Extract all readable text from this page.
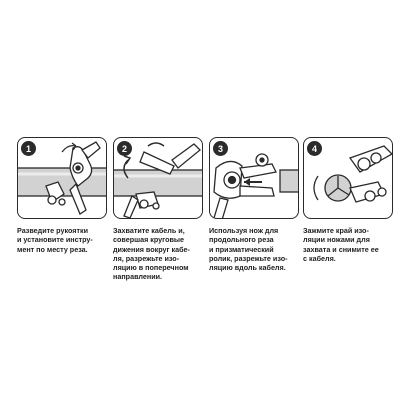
1
Разведите рукоятки
и установите инстру-
мент по месту реза.
2
Захватите кабель и,
совершая круговые
дижения вокруг кабе-
ля, разрежьте изо-
ляцию в поперечном
направлении.
3
Используя нож для
продольного реза
и призматический
ролик, разрежьте изо-
ляцию вдоль кабеля.
4
Зажмите край изо-
ляции ножами для
захвата и снимите ее
с кабеля.
